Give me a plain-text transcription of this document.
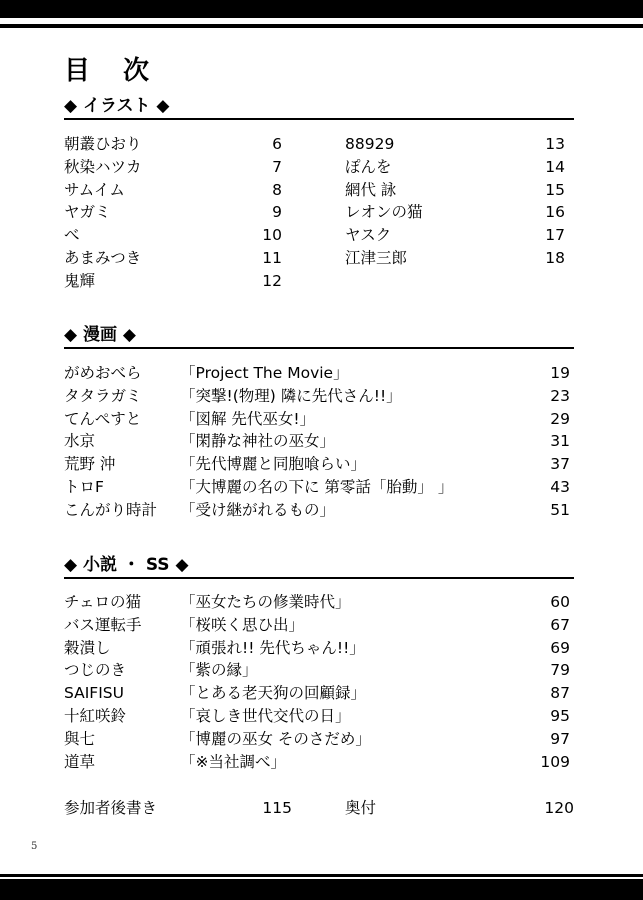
目 次
◆ イラスト ◆
朝叢ひおり	6
秋染ハツカ	7
サムイム	8
ヤガミ	9
べ	10
あまみつき	11
鬼輝	12
88929	13
ぽんを	14
網代 詠	15
レオンの猫	16
ヤスク	17
江津三郎	18
◆ 漫画 ◆
がめおべら 「Project The Movie」	19
タタラガミ 「突撃!(物理) 隣に先代さん!!」	23
てんぺすと	「図解 先代巫女!」	29
水京	「閑静な神社の巫女」	31
荒野 沖	「先代博麗と同胞喰らい」	37
トロF	「大博麗の名の下に 第零話「胎動」 」	43
こんがり時計 「受け継がれるもの」	51
◆ 小説 ・ SS ◆
チェロの猫	「巫女たちの修業時代」	60
バス運転手 「桜咲く思ひ出」	67
穀潰し	「頑張れ!! 先代ちゃん!!」	69
つじのき	「紫の縁」	79
SAIFISU	「とある老天狗の回顧録」	87
十紅咲鈴	「哀しき世代交代の日」	95
與七	「博麗の巫女 そのさだめ」	97
道草	「※当社調べ」	109
参加者後書き	115	奥付	120
5
